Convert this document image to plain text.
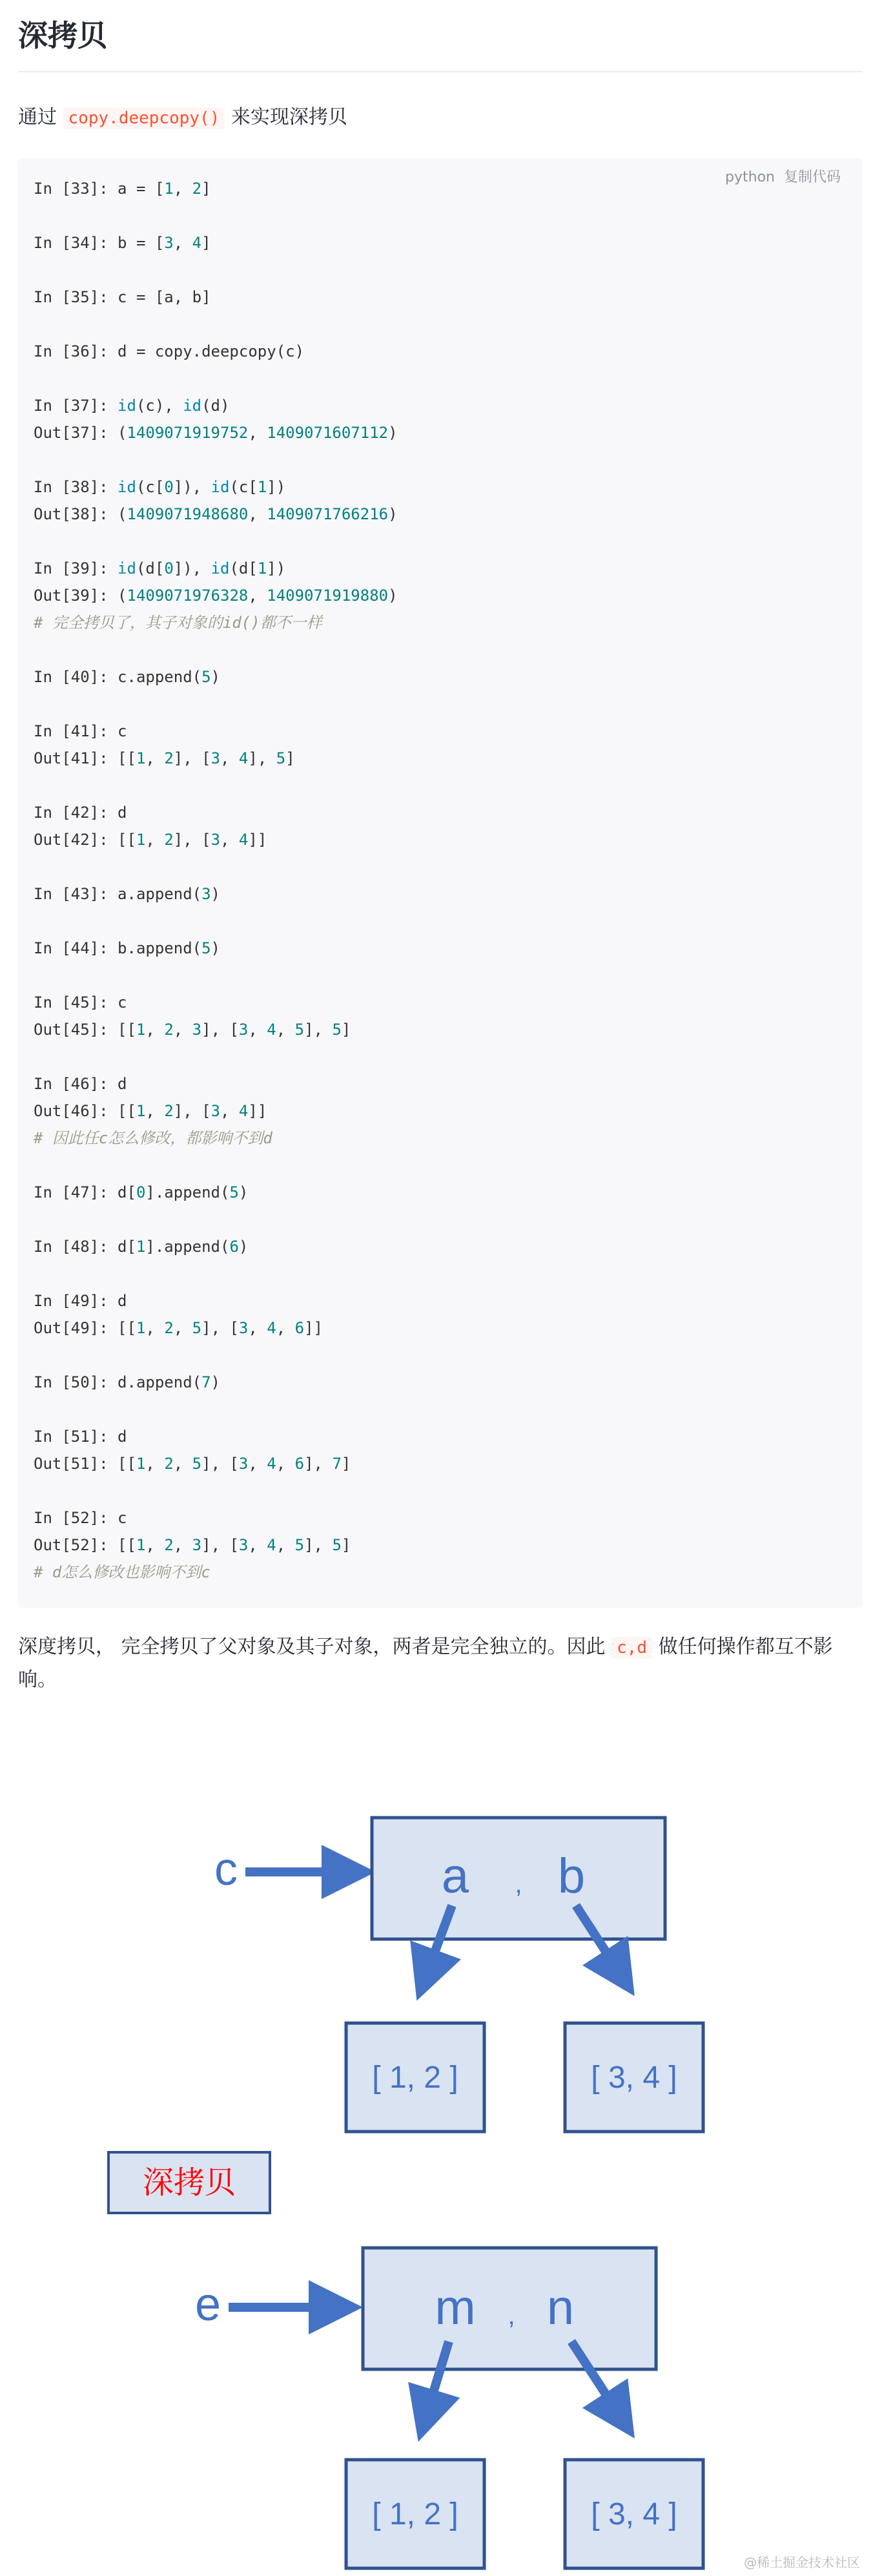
深拷贝

通过 copy.deepcopy() 来实现深拷贝

python 复制代码
In [33]: a = [1, 2]
In [34]: b = [3, 4]
In [35]: c = [a, b]
In [36]: d = copy.deepcopy(c)
In [37]: id(c), id(d)
Out[37]: (1409071919752, 1409071607112)
In [38]: id(c[0]), id(c[1])
Out[38]: (1409071948680, 1409071766216)
In [39]: id(d[0]), id(d[1])
Out[39]: (1409071976328, 1409071919880)
# 完全拷贝了，其子对象的id()都不一样
In [40]: c.append(5)
In [41]: c
Out[41]: [[1, 2], [3, 4], 5]
In [42]: d
Out[42]: [[1, 2], [3, 4]]
In [43]: a.append(3)
In [44]: b.append(5)
In [45]: c
Out[45]: [[1, 2, 3], [3, 4, 5], 5]
In [46]: d
Out[46]: [[1, 2], [3, 4]]
# 因此任c怎么修改，都影响不到d
In [47]: d[0].append(5)
In [48]: d[1].append(6)
In [49]: d
Out[49]: [[1, 2, 5], [3, 4, 6]]
In [50]: d.append(7)
In [51]: d
Out[51]: [[1, 2, 5], [3, 4, 6], 7]
In [52]: c
Out[52]: [[1, 2, 3], [3, 4, 5], 5]
# d怎么修改也影响不到c

深度拷贝， 完全拷贝了父对象及其子对象，两者是完全独立的。因此 c,d 做任何操作都互不影响。

c	a , b
[ 1, 2 ]	[ 3, 4 ]
深拷贝
e	m , n
[ 1, 2 ]	[ 3, 4 ]
@稀土掘金技术社区
